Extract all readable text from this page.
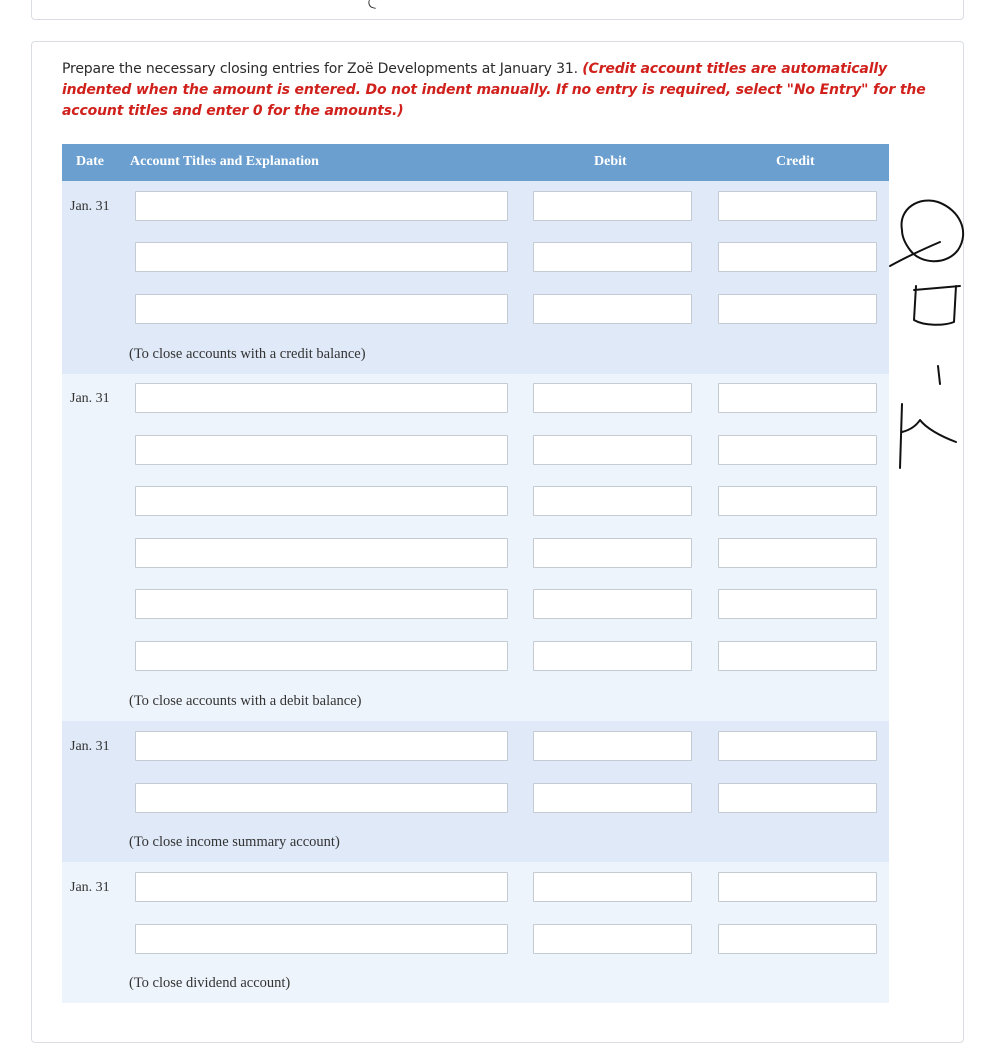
Prepare the necessary closing entries for Zoë Developments at January 31. (Credit account titles are automatically indented when the amount is entered. Do not indent manually. If no entry is required, select "No Entry" for the account titles and enter 0 for the amounts.)
Date Account Titles and Explanation	Debit	Credit
Jan. 31
(To close accounts with a credit balance)
Jan. 31
(To close accounts with a debit balance)
Jan. 31
(To close income summary account)
Jan. 31
(To close dividend account)
